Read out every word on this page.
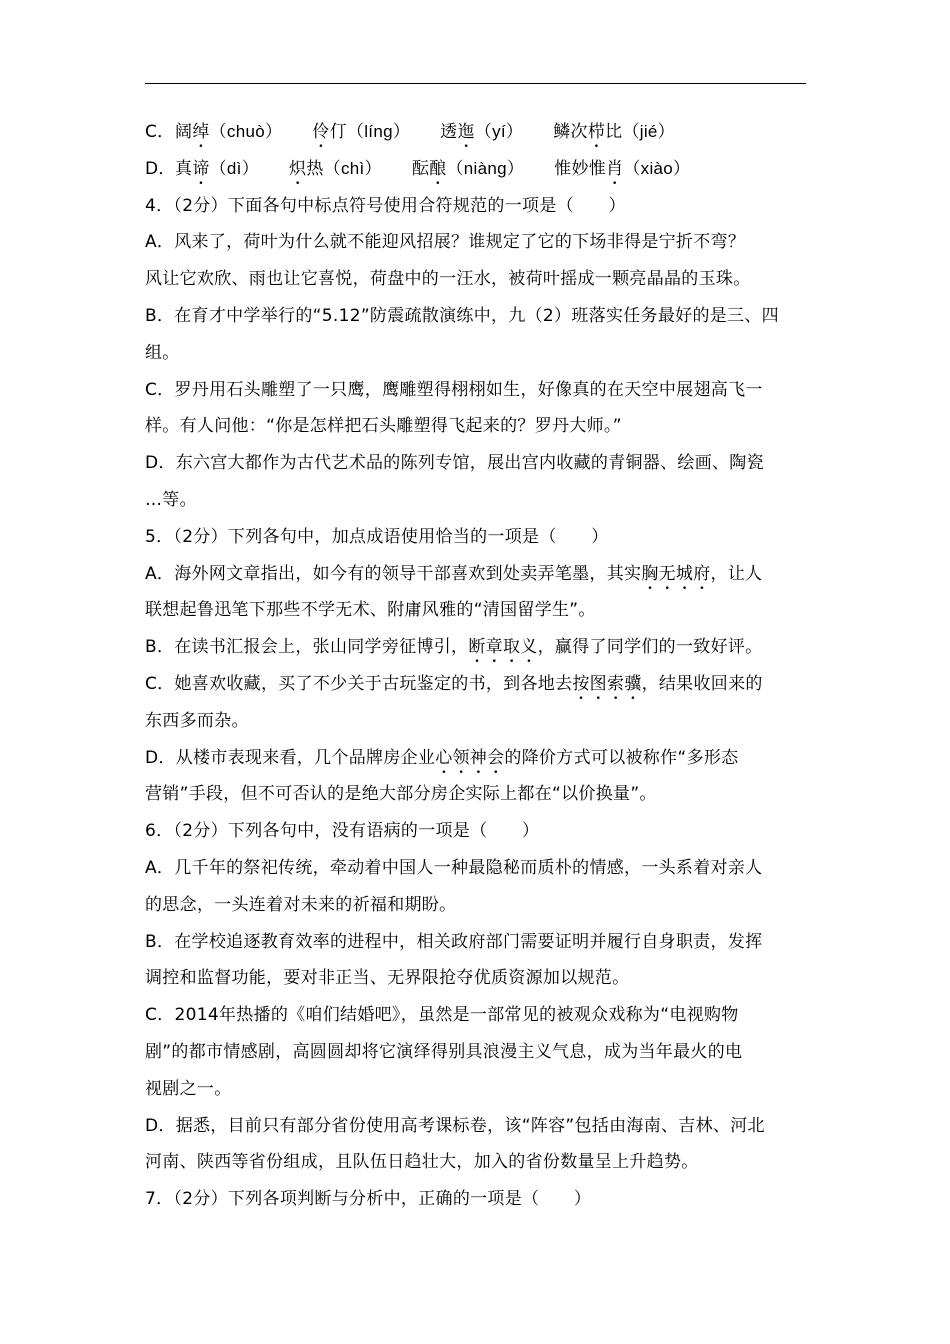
C． 阔绰（chuò） 伶仃（líng） 透迤（yí） 鳞次栉比（jié）
D． 真谛（dì） 炽热（chì） 酝酿（niàng） 惟妙惟肖（xiào）
4．（2分）下面各句中标点符号使用合符规范的一项是（　　）
A．风来了，荷叶为什么就不能迎风招展？谁规定了它的下场非得是宁折不弯？
风让它欢欣、雨也让它喜悦，荷盘中的一汪水，被荷叶摇成一颗亮晶晶的玉珠。
B．在育才中学举行的“5.12”防震疏散演练中，九（2）班落实任务最好的是三、四
组。
C．罗丹用石头雕塑了一只鹰，鹰雕塑得栩栩如生，好像真的在天空中展翅高飞一
样。有人问他：“你是怎样把石头雕塑得飞起来的？罗丹大师。”
D．东六宫大都作为古代艺术品的陈列专馆，展出宫内收藏的青铜器、绘画、陶瓷
…等。
5．（2分）下列各句中，加点成语使用恰当的一项是（　　）
A．海外网文章指出，如今有的领导干部喜欢到处卖弄笔墨，其实胸无城府，让人
联想起鲁迅笔下那些不学无术、附庸风雅的“清国留学生”。
B．在读书汇报会上，张山同学旁征博引，断章取义，赢得了同学们的一致好评。
C．她喜欢收藏，买了不少关于古玩鉴定的书，到各地去按图索骥，结果收回来的
东西多而杂。
D．从楼市表现来看，几个品牌房企业心领神会的降价方式可以被称作“多形态
营销”手段，但不可否认的是绝大部分房企实际上都在“以价换量”。
6．（2分）下列各句中，没有语病的一项是（　　）
A．几千年的祭祀传统，牵动着中国人一种最隐秘而质朴的情感，一头系着对亲人
的思念，一头连着对未来的祈福和期盼。
B．在学校追逐教育效率的进程中，相关政府部门需要证明并履行自身职责，发挥
调控和监督功能，要对非正当、无界限抢夺优质资源加以规范。
C．2014年热播的《咱们结婚吧》，虽然是一部常见的被观众戏称为“电视购物
剧”的都市情感剧，高圆圆却将它演绎得别具浪漫主义气息，成为当年最火的电
视剧之一。
D．据悉，目前只有部分省份使用高考课标卷，该“阵容”包括由海南、吉林、河北
河南、陕西等省份组成，且队伍日趋壮大，加入的省份数量呈上升趋势。
7．（2分）下列各项判断与分析中，正确的一项是（　　）
